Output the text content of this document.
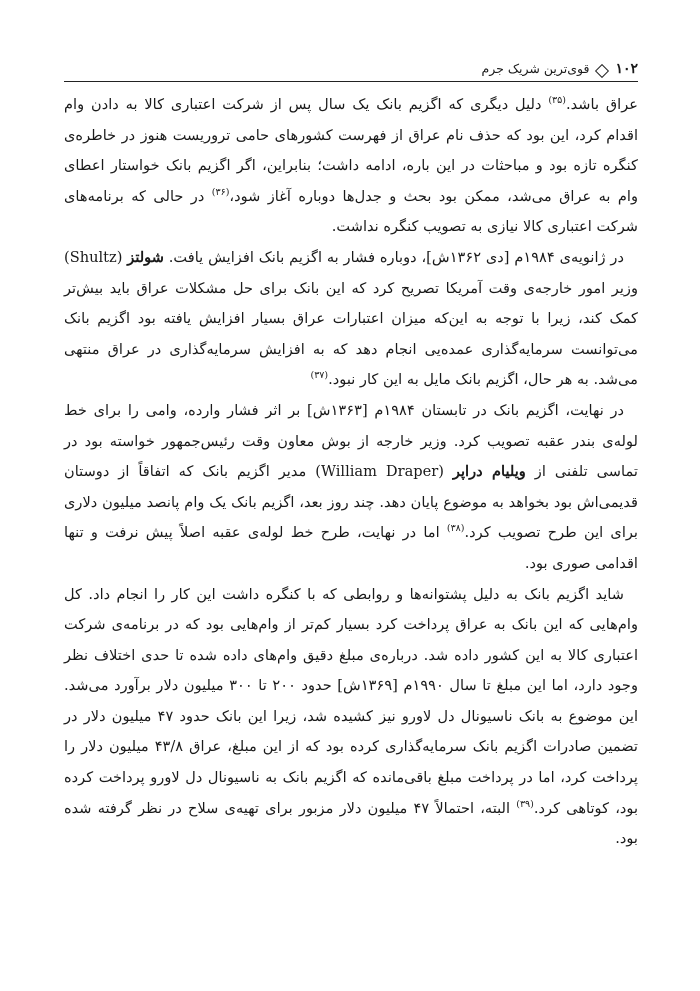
۱۰۲
قوی‌ترین شریک جرم

عراق باشد.$^{(۳۵)}$ دلیل دیگری که اگزیم بانک یک سال پس از شرکت اعتباری کالا به دادن وام اقدام کرد، این بود که حذف نام عراق از فهرست کشورهای حامی تروریست هنوز در خاطره‌ی کنگره تازه بود و مباحثات در این باره، ادامه داشت؛ بنابراین، اگر اگزیم بانک خواستار اعطای وام به عراق می‌شد، ممکن بود بحث و جدل‌ها دوباره آغاز شود،$^{(۳۶)}$ در حالی که برنامه‌های شرکت اعتباری کالا نیازی به تصویب کنگره نداشت.

در ژانویه‌ی ۱۹۸۴م [دی ۱۳۶۲ش]، دوباره فشار به اگزیم بانک افزایش یافت. شولتز (Shultz) وزیر امور خارجه‌ی وقت آمریکا تصریح کرد که این بانک برای حل مشکلات عراق باید بیش‌تر کمک کند، زیرا با توجه به این‌که میزان اعتبارات عراق بسیار افزایش یافته بود اگزیم بانک می‌توانست سرمایه‌گذاری عمده‌یی انجام دهد که به افزایش سرمایه‌گذاری در عراق منتهی می‌شد. به هر حال، اگزیم بانک مایل به این کار نبود.$^{(۳۷)}$

در نهایت، اگزیم بانک در تابستان ۱۹۸۴م [۱۳۶۳ش] بر اثر فشار وارده، وامی را برای خط لوله‌ی بندر عقبه تصویب کرد. وزیر خارجه از بوش معاون وقت رئیس‌جمهور خواسته بود در تماسی تلفنی از ویلیام دراپر (William Draper) مدیر اگزیم بانک که اتفاقاً از دوستان قدیمی‌اش بود بخواهد به موضوع پایان دهد. چند روز بعد، اگزیم بانک یک وام پانصد میلیون دلاری برای این طرح تصویب کرد.$^{(۳۸)}$ اما در نهایت، طرح خط لوله‌ی عقبه اصلاً پیش نرفت و تنها اقدامی صوری بود.

شاید اگزیم بانک به دلیل پشتوانه‌ها و روابطی که با کنگره داشت این کار را انجام داد. کل وام‌هایی که این بانک به عراق پرداخت کرد بسیار کم‌تر از وام‌هایی بود که در برنامه‌ی شرکت اعتباری کالا به این کشور داده شد. درباره‌ی مبلغ دقیق وام‌های داده شده تا حدی اختلاف نظر وجود دارد، اما این مبلغ تا سال ۱۹۹۰م [۱۳۶۹ش] حدود ۲۰۰ تا ۳۰۰ میلیون دلار برآورد می‌شد. این موضوع به بانک ناسیونال دل لاورو نیز کشیده شد، زیرا این بانک حدود ۴۷ میلیون دلار در تضمین صادرات اگزیم بانک سرمایه‌گذاری کرده بود که از این مبلغ، عراق ۴۳/۸ میلیون دلار را پرداخت کرد، اما در پرداخت مبلغ باقی‌مانده که اگزیم بانک به ناسیونال دل لاورو پرداخت کرده بود، کوتاهی کرد.$^{(۳۹)}$ البته، احتمالاً ۴۷ میلیون دلار مزبور برای تهیه‌ی سلاح در نظر گرفته شده بود.
